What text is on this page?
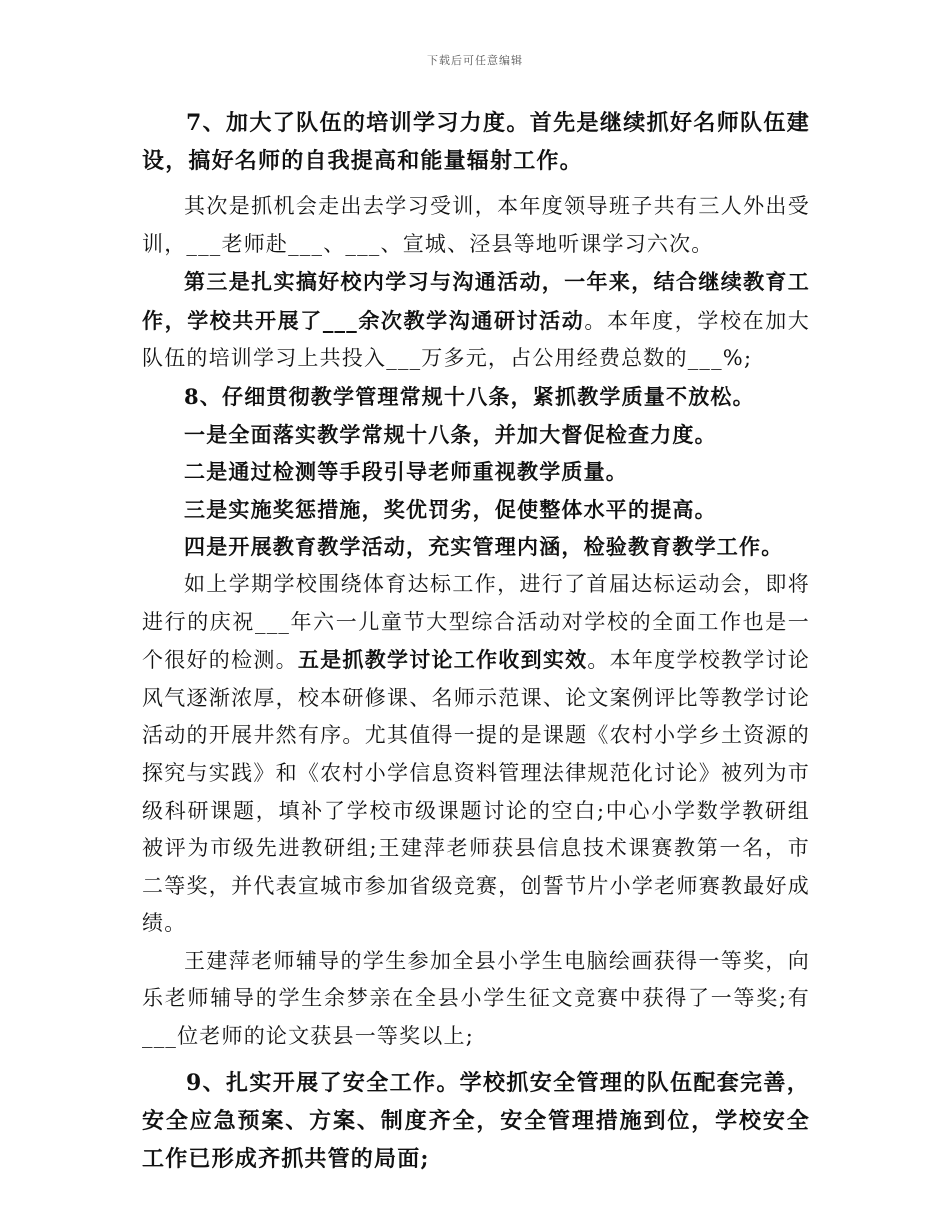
下载后可任意编辑

7、加大了队伍的培训学习力度。首先是继续抓好名师队伍建设，搞好名师的自我提高和能量辐射工作。

其次是抓机会走出去学习受训，本年度领导班子共有三人外出受训，___老师赴___、___、宣城、泾县等地听课学习六次。

第三是扎实搞好校内学习与沟通活动，一年来，结合继续教育工作，学校共开展了___余次教学沟通研讨活动。本年度，学校在加大队伍的培训学习上共投入___万多元，占公用经费总数的___%;

8、仔细贯彻教学管理常规十八条，紧抓教学质量不放松。

一是全面落实教学常规十八条，并加大督促检查力度。

二是通过检测等手段引导老师重视教学质量。

三是实施奖惩措施，奖优罚劣，促使整体水平的提高。

四是开展教育教学活动，充实管理内涵，检验教育教学工作。

如上学期学校围绕体育达标工作，进行了首届达标运动会，即将进行的庆祝___年六一儿童节大型综合活动对学校的全面工作也是一个很好的检测。五是抓教学讨论工作收到实效。本年度学校教学讨论风气逐渐浓厚，校本研修课、名师示范课、论文案例评比等教学讨论活动的开展井然有序。尤其值得一提的是课题《农村小学乡土资源的探究与实践》和《农村小学信息资料管理法律规范化讨论》被列为市级科研课题，填补了学校市级课题讨论的空白;中心小学数学教研组被评为市级先进教研组;王建萍老师获县信息技术课赛教第一名，市二等奖，并代表宣城市参加省级竞赛，创誓节片小学老师赛教最好成绩。

王建萍老师辅导的学生参加全县小学生电脑绘画获得一等奖，向乐老师辅导的学生余梦亲在全县小学生征文竞赛中获得了一等奖;有___位老师的论文获县一等奖以上;

9、扎实开展了安全工作。学校抓安全管理的队伍配套完善，安全应急预案、方案、制度齐全，安全管理措施到位，学校安全工作已形成齐抓共管的局面;
